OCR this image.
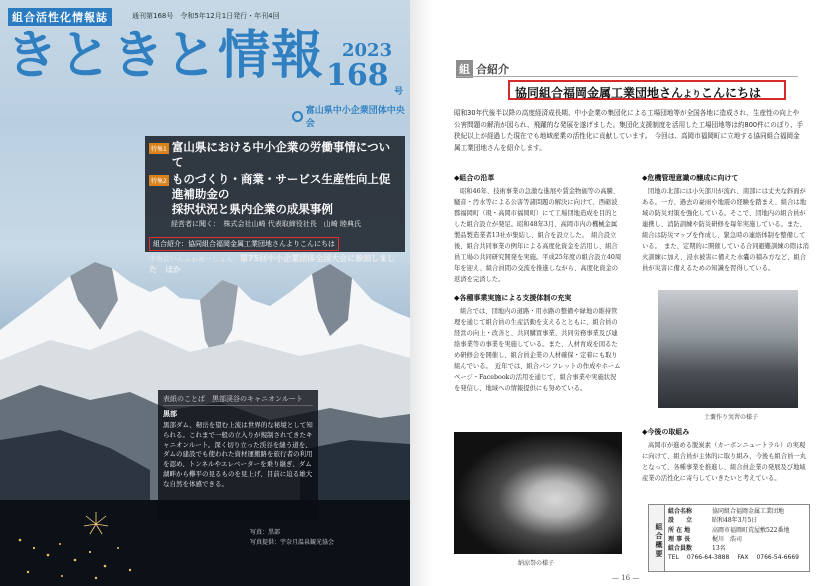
組合活性化情報誌	通刊第168号　令和5年12月1日発行・年刊4回
きときと情報 2023
168 号
富山県中小企業団体中央会
特集1 富山県における中小企業の労働事情について
特集2 ものづくり・商業・サービス生産性向上促進補助金の
採択状況と県内企業の成果事例
経営者に聞く：　株式会社山崎 代表取締役社長　山崎 睦典氏
組合紹介：協同組合福岡金属工業団地さんよりこんにちは
中央会いんふぉめーしょん：第75回中小企業団体全国大会に参加しました　ほか
表紙のことば　黒部渓谷のキャニオンルート
黒部
黒部ダム、剱岳を望む上流は世界的な秘境として知られる。これまで一般の立入りが規制されてきたキャニオンルート。深く切り立った渓谷を縫う道を、ダムの建設でも使われた資材運搬路を旅行者の利用を認め、トンネルやエレベーターを乗り継ぎ、ダム湖畔から欅平の見るものを見上げ、目前に迫る雄大な自然を体感できる。
写真：黒部
写真提供：宇奈月温泉観光協会
組 合紹介
協同組合福岡金属工業団地さんよりこんにちは
昭和30年代後半以降の高度経済成長期、中小企業の集団化による工場団地等が全国各地に造成され、生産性の向上や公害問題の解消が図られ、飛躍的な発展を遂げました。集団化支援制度を活用した工場団地等は約800件にのぼり、手狭紀以上が経過した現在でも地域産業の活性化に貢献しています。　今回は、高岡市福岡町に立地する協同組合福岡金属工業団地さんを紹介します。
◆組合の沿革

昭和46年、技術事業の急激な進展や賃金物価等の高騰、騒音・汚水等による公害等諸問題の解決に向けて、西砺波郡福岡町（現・高岡市福岡町）にて工場団地造成を目的とした組合設立が発足。昭和48年3月、高岡市内の機械金属製品製造業者13社が集結し、組合を設立した。　組合設立後、組合共同事業の例年による高度化資金を活用し、組合員工場の共同研究開発を実施。平成25年度の組合設立40周年を迎え、組合員間の交流を推進しながら、高度化資金の返済を完済した。

◆危機管理意識の醸成に向けて

団地の北部には小矢部川が流れ、南部には丈夫な斜面がある。一方、過去の豪雨や地震の経験を踏まえ、組合は地域の防災対策を強化している。そこで、団地内の組合員が連携し、消防訓練や防災研修を毎年実施している。また、組合は防災マップを作成し、緊急時の連絡体制を整備している。　また、定期的に開催している合同避難訓練の際は消火訓練に加え、浸水被害に備えた水嚢の積み方など、組合員が災害に備えるための知識を習得している。

◆各種事業実施による支援体制の充実

組合では、団地内の道路・用水路の整備や緑地の維持管理を通じて組合員の生産活動を支えるとともに、組合員の経営の向上・改善と、共同購買事業、共同労務事業及び連絡事業等の事業を実施している。また、人材育成を図るため研修会を開催し、組合員企業の人材確保・定着にも取り組んでいる。　近年では、組合パンフレットの作成やホームページ・Facebookの活用を通じて、組合事業や実施状況を発信し、地域への情報提供にも努めている。

土嚢作り実習の様子
◆今後の取組み

高岡市が進める脱炭素（カーボンニュートラル）の実現に向けて、組合員が主体的に取り組み、今後も組合員一丸となって、各種事業を推進し、組合員企業の発展及び地域産業の活性化に寄与していきたいと考えている。

納涼祭の様子
組合概要
組合名称	協同組合福岡金属工業団地
設　　立	昭和48年3月5日
所 在 地	高岡市福岡町荒屋敷522番地
理 事 長	梶川　浩司
組合員数	13名
TEL 0766-64-3888 FAX 0766-54-6669
— 16 —
